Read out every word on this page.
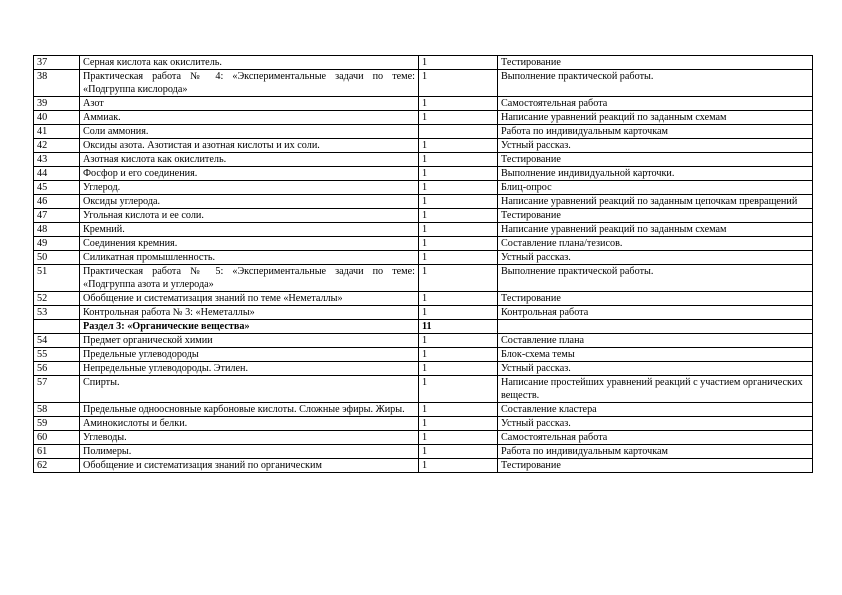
37	Серная кислота как окислитель.	1	Тестирование
38	Практическая работа № 4: «Экспериментальные задачи по теме: «Подгруппа кислорода»	1	Выполнение практической работы.
39	Азот	1	Самостоятельная работа
40	Аммиак.	1	Написание уравнений реакций по заданным схемам
41	Соли аммония.		Работа по индивидуальным карточкам
42	Оксиды азота. Азотистая и азотная кислоты и их соли.	1	Устный рассказ.
43	Азотная кислота как окислитель.	1	Тестирование
44	Фосфор и его соединения.	1	Выполнение индивидуальной карточки.
45	Углерод.	1	Блиц-опрос
46	Оксиды углерода.	1	Написание уравнений реакций по заданным цепочкам превращений
47	Угольная кислота и ее соли.	1	Тестирование
48	Кремний.	1	Написание уравнений реакций по заданным схемам
49	Соединения кремния.	1	Составление плана/тезисов.
50	Силикатная промышленность.	1	Устный рассказ.
51	Практическая работа № 5: «Экспериментальные задачи по теме: «Подгруппа азота и углерода»	1	Выполнение практической работы.
52	Обобщение и систематизация знаний по теме «Неметаллы»	1	Тестирование
53	Контрольная работа № 3: «Неметаллы»	1	Контрольная работа
	Раздел 3: «Органические вещества»	11	
54	Предмет органической химии	1	Составление плана
55	Предельные углеводороды	1	Блок-схема темы
56	Непредельные углеводороды. Этилен.	1	Устный рассказ.
57	Спирты.	1	Написание простейших уравнений реакций с участием органических веществ.
58	Предельные одноосновные карбоновые кислоты. Сложные эфиры. Жиры.	1	Составление кластера
59	Аминокислоты и белки.	1	Устный рассказ.
60	Углеводы.	1	Самостоятельная работа
61	Полимеры.	1	Работа по индивидуальным карточкам
62	Обобщение и систематизация знаний по органическим	1	Тестирование
